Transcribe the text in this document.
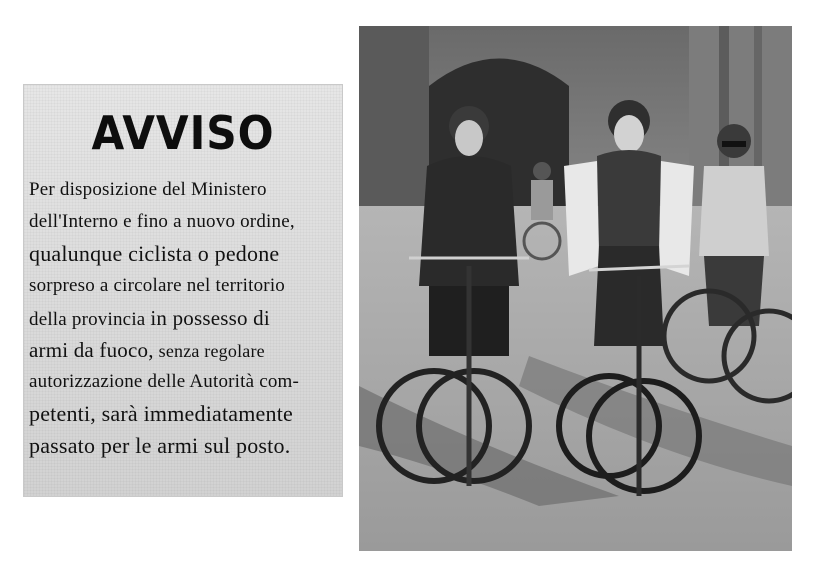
AVVISO
Per disposizione del Ministero
dell'Interno e fino a nuovo ordine,
qualunque ciclista o pedone
sorpreso a circolare nel territorio
della provincia in possesso di
armi da fuoco, senza regolare
autorizzazione delle Autorità com-
petenti, sarà immediatamente
passato per le armi sul posto.
